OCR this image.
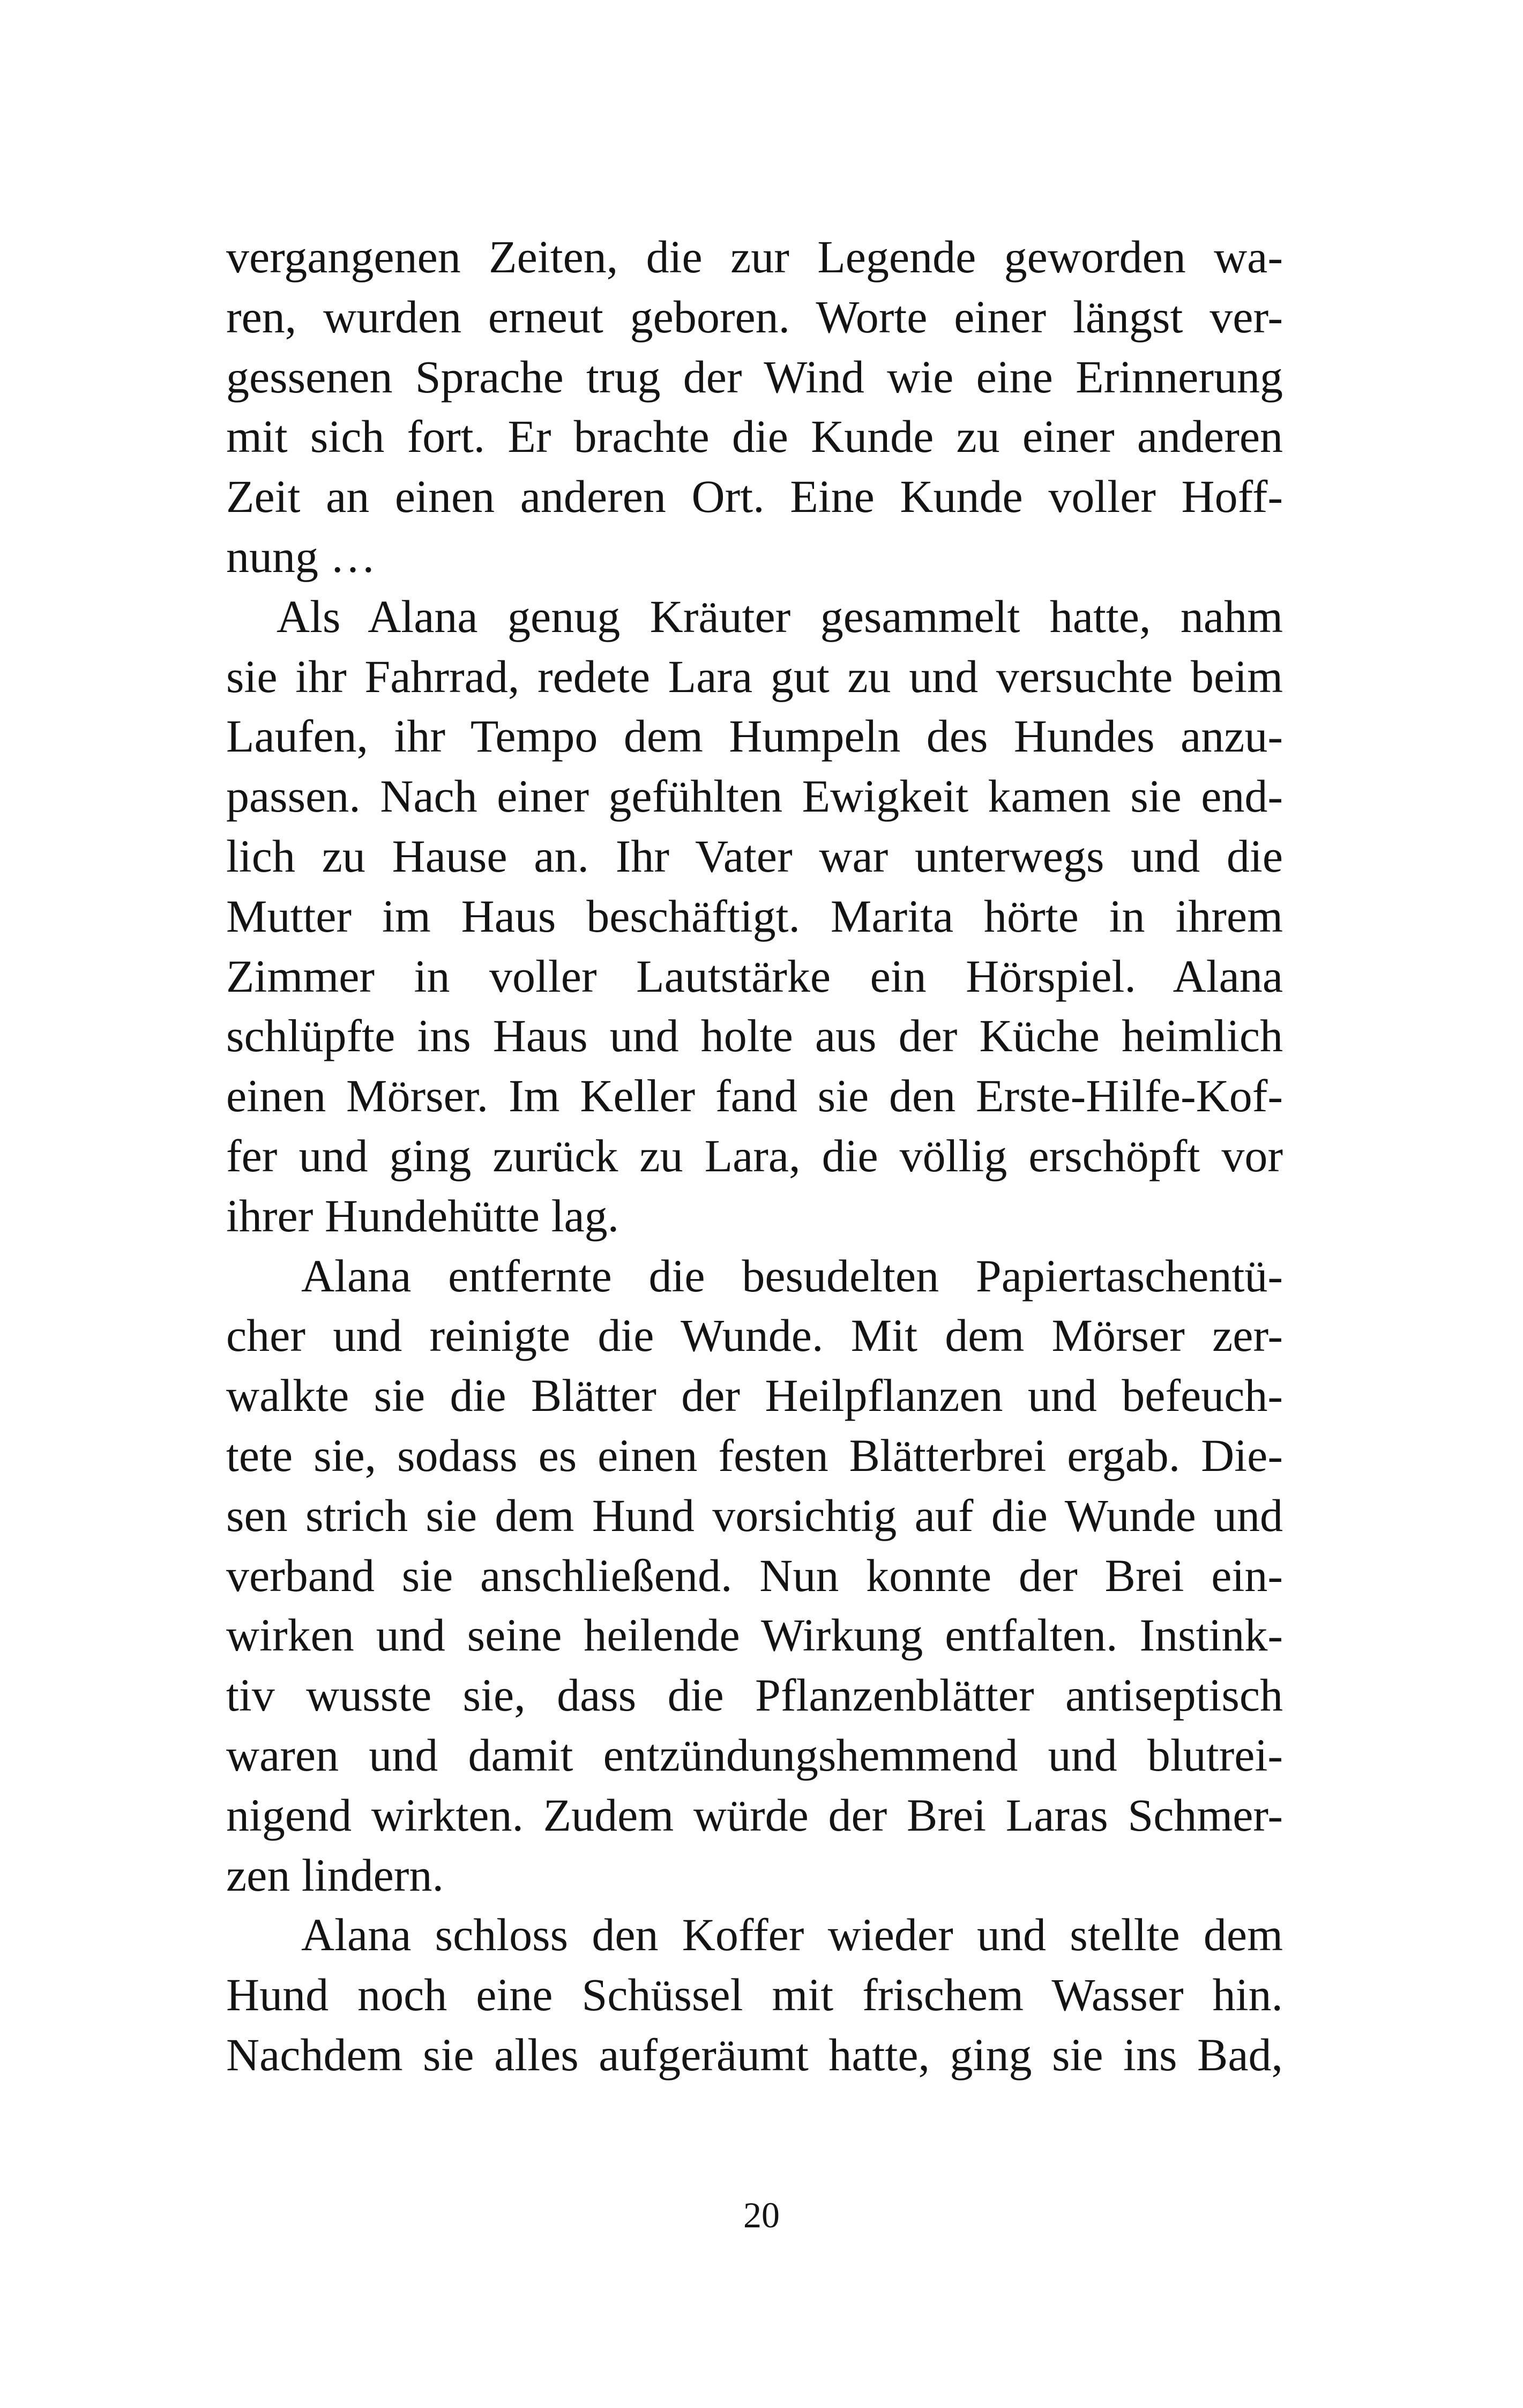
vergangenen Zeiten, die zur Legende geworden wa-
ren, wurden erneut geboren. Worte einer längst ver-
gessenen Sprache trug der Wind wie eine Erinnerung
mit sich fort. Er brachte die Kunde zu einer anderen
Zeit an einen anderen Ort. Eine Kunde voller Hoff-
nung …
Als Alana genug Kräuter gesammelt hatte, nahm
sie ihr Fahrrad, redete Lara gut zu und versuchte beim
Laufen, ihr Tempo dem Humpeln des Hundes anzu-
passen. Nach einer gefühlten Ewigkeit kamen sie end-
lich zu Hause an. Ihr Vater war unterwegs und die
Mutter im Haus beschäftigt. Marita hörte in ihrem
Zimmer in voller Lautstärke ein Hörspiel. Alana
schlüpfte ins Haus und holte aus der Küche heimlich
einen Mörser. Im Keller fand sie den Erste-Hilfe-Kof-
fer und ging zurück zu Lara, die völlig erschöpft vor
ihrer Hundehütte lag.
Alana entfernte die besudelten Papiertaschentü-
cher und reinigte die Wunde. Mit dem Mörser zer-
walkte sie die Blätter der Heilpflanzen und befeuch-
tete sie, sodass es einen festen Blätterbrei ergab. Die-
sen strich sie dem Hund vorsichtig auf die Wunde und
verband sie anschließend. Nun konnte der Brei ein-
wirken und seine heilende Wirkung entfalten. Instink-
tiv wusste sie, dass die Pflanzenblätter antiseptisch
waren und damit entzündungshemmend und blutrei-
nigend wirkten. Zudem würde der Brei Laras Schmer-
zen lindern.
Alana schloss den Koffer wieder und stellte dem
Hund noch eine Schüssel mit frischem Wasser hin.
Nachdem sie alles aufgeräumt hatte, ging sie ins Bad,
20
